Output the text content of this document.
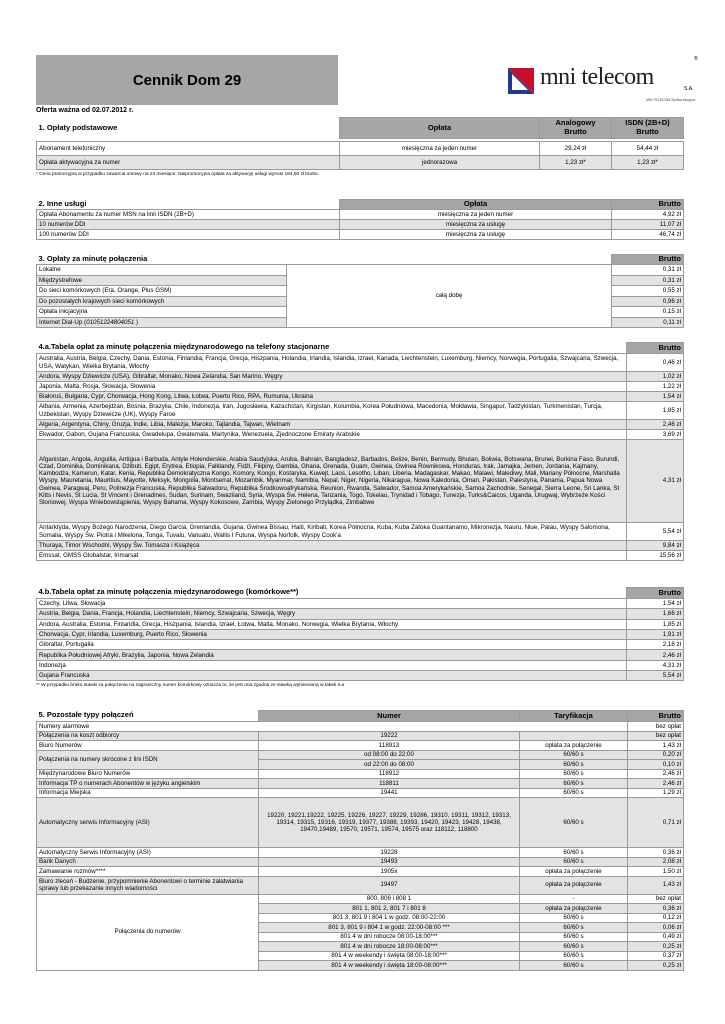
Cennik Dom 29	mni telecom
®
S.A.
MNI TELECOM Spółka Akcyjna
Oferta ważna od 02.07.2012 r.
1. Opłaty podstawowe	Opłata	Analogowy
Brutto	ISDN (2B+D)
Brutto

Abonament telefoniczny	miesięczna za jeden numer	29,24 zł	54,44 zł
Opłata aktywacyjna za numer	jednorazowa	1,23 zł*	1,23 zł*
* Cena promocyjna w przypadku zawarcia umowy na 24 miesiące. Niepromocyjna opłata za aktywację usługi wynosi 184,50 zł brutto.
2. Inne usługi	Opłata	Brutto
Opłata Abonamentu za numer MSN na linii ISDN (2B+D)	miesięczna za jeden numer	4,92 zł
10 numerów DDI	miesięczna za usługę	11,07 zł
100 numerów DDI	miesięczna za usługę	46,74 zł
3. Opłaty za minutę połączenia		Brutto
Lokalne	całą dobę	0,31 zł
Międzystrefowe		0,31 zł
Do sieci komórkowych (Era, Orange, Plus GSM)		0,55 zł
Do pozostałych krajowych sieci komórkowych		0,96 zł
Opłata inicjacyjna		0,15 zł
Internet Dial-Up (01051224804051 )		0,11 zł
4.a.Tabela opłat za minutę połączenia międzynarodowego na telefony stacjonarne	Brutto
Australia, Austria, Belgia, Czechy, Dania, Estonia, Finlandia, Francja, Grecja, Hiszpania, Holandia, Irlandia, Islandia, Izrael, Kanada, Liechtenstein, Luxemburg, Niemcy, Norwegia, Portugalia, Szwajcaria, Szwecja, USA, Watykan, Wielka Brytania, Włochy	0,46 zł
Andora, Wyspy Dziewicze (USA), Gibraltar, Monako, Nowa Zelandia, San Marino, Węgry	1,02 zł
Japonia, Malta, Rosja, Słowacja, Słowenia	1,22 zł
Białoruś, Bułgaria, Cypr, Chorwacja, Hong Kong, Litwa, Łotwa, Puerto Rico, RPA, Rumunia, Ukraina	1,54 zł
Albania, Armenia, Azerbejdżan, Bośnia, Brazylia, Chile, Indonezja, Iran, Jugosławia, Kazachstan, Kirgistan, Kolumbia, Korea Południowa, Macedonia, Mołdawia, Singapur, Tadżykistan, Turkmenistan, Turcja, Uzbekistan, Wyspy Dziewicze (UK), Wyspy Faroe	1,85 zł
Algeria, Argentyna, Chiny, Gruzja, Indie, Libia, Malezja, Maroko, Tajlandia, Tajwan, Wietnam	2,46 zł
Ekwador, Gabon, Gujana Francuska, Gwadelupa, Gwatemala, Martynika, Wenezuela, Zjednoczone Emiraty Arabskie	3,69 zł
Afganistan, Angola, Anguilla, Antigua i Barbuda, Antyle Holenderskie, Arabia Saudyjska, Aruba, Bahrain, Bangladesz, Barbados, Belize, Benin, Bermudy, Bhutan, Boliwia, Botswana, Brunei, Burkina Faso, Burundi, Czad, Dominika, Dominikana, Dżibuti, Egipt, Erytrea, Etiopia, Falklandy, Fidżi, Filipiny, Gambia, Ghana, Grenada, Guam, Gwinea, Gwinea Równikowa, Honduras, Irak, Jamajka, Jemen, Jordania, Kajmany, Kambodża, Kamerun, Katar, Kenia, Republika Demokratyczna Kongo, Komory, Kongo, Kostaryka, Kuwejt, Laos, Lesotho, Liban, Liberia, Madagaskar, Makao, Malawi, Malediwy, Mali, Mariany Północne, Marshalla Wyspy, Mauretania, Mauritius, Mayotte, Meksyk, Mongolia, Montserrat, Mozambik, Myanmar, Namibia, Nepal, Niger, Nigeria, Nikaragua, Nowa Kaledonia, Oman, Pakistan, Palestyna, Panama, Papua Nowa Gwinea, Paragwaj, Peru, Polinezja Francuska, Republika Salwadoru, Republika Środkowoafrykańska, Reunion, Rwanda, Salwador, Samoa Amerykańskie, Samoa Zachodnie, Senegal, Sierra Leone, Sri Lanka, St Kitts i Nevis, St Lucia, St Vincent i Grenadines, Sudan, Surinam, Swaziland, Syria, Wyspa Św. Helena, Tanzania, Togo, Tokelau, Trynidad i Tobago, Tunezja, Turks&Caicos, Uganda, Urugwaj, Wybrzeże Kości Słoniowej, Wyspa Wniebowstąpienia, Wyspy Bahama, Wyspy Kokosowe, Zambia, Wyspy Zielonego Przylądka, Zimbabwe	4,31 zł
Antarktyda, Wyspy Bożego Narodzenia, Diego Garcia, Grenlandia, Gujana, Gwinea Bissau, Haiti, Kiribati, Korea Północna, Kuba, Kuba Zatoka Guantanamo, Mikronezja, Nauru, Niue, Palau, Wyspy Salomona, Somalia, Wyspy Św. Piotra i Mikelona, Tonga, Tuvalu, Vanuatu, Wallis I Futuna, Wyspa Norfolk, Wyspy Cook'a	5,54 zł
Thuraya, Timor Wschodni, Wyspy Św. Tomasza i Książęca	9,84 zł
Emssat, GMSS Globalstar, Inmarsat	15,56 zł
4.b.Tabela opłat za minutę połączenia międzynarodowego (komórkowe**)	Brutto
Czechy, Litwa, Słowacja	1,54 zł
Austria, Belgia, Dania, Francja, Holandia, Liechtenstein, Niemcy, Szwajcaria, Szwecja, Węgry	1,66 zł
Andora, Australia, Estonia, Finlandia, Grecja, Hiszpania, Islandia, Izrael, Łotwa, Malta, Monako, Norwegia, Wielka Brytania, Włochy	1,85 zł
Chorwacja, Cypr, Irlandia, Luxemburg, Puerto Rico, Słowenia	1,91 zł
Gibraltar, Portugalia	2,18 zł
Republika Południowej Afryki, Brazylia, Japonia, Nowa Zelandia	2,46 zł
Indonezja	4,31 zł
Gujana Francuska	5,54 zł
** W przypadku braku stawki za połączenia na zagraniczny numer komórkowy oznacza to, że jest ona zgodna ze stawką wymienioną w tabeli 4.a
5. Pozostałe typy połączeń	Numer	Taryfikacja	Brutto
Numery alarmowe			bez opłat
Połączenia na koszt odbiorcy	19222		bez opłat
Biuro Numerów	118913	opłata za połączenie	1,43 zł
Połączenia na numery skrócone z lini ISDN	od 08:00 do 22:00	60/60 s	0,20 zł
	od 22:00 do 08:00	60/60 s	0,10 zł
Międzynarodowe Biuro Numerów	118912	60/60 s	2,46 zł
Informacja TP o numerach Abonentów w języku angielskim	118811	60/60 s	2,46 zł
Informacja Miejska	19441	60/60 s	1,29 zł
Automatyczny serwis Informacyjny (ASI)	19220, 19221,19222, 19225, 19226, 19227, 19229, 19286, 19310, 19311, 19312, 19313, 19314, 19315, 19316, 19319, 19377, 19388, 19393, 19420, 19423, 19428, 19438, 19470,19489, 19570, 19571, 19574, 19575 oraz 118112, 118800	60/60 s	0,71 zł
Automatyczny Serwis Informacyjny (ASI)	19228	60/60 s	0,36 zł
Bank Danych	19493	60/60 s	2,08 zł
Zamawianie rozmów****	1905x	opłata za połączenie	1,50 zł
Biuro zleceń - Budzenie, przypomnienie Abonentowi o terminie załatwiania sprawy lub przekazanie innych wiadomości	19497	opłata za połączenie	1,43 zł
Połączenia do numerów	800, 806 i 808 1	-	bez opłat
	801 1, 801 2, 801 7 i 801 8	opłata za połączenie	0,36 zł
	801 3, 801 9 i 804 1 w godz. 08:00-22:00	60/60 s	0,12 zł
	801 3, 801 9 i 804 1 w godz. 22:00-08:00 ***	60/60 s	0,06 zł
	801 4 w dni robocze 08:00-18:00***	60/60 s	0,49 zł
	801 4 w dni robocze 18:00-08:00***	60/60 s	0,25 zł
	801 4 w weekendy i święta 08:00-18:00***	60/60 s	0,37 zł
	801 4 w weekendy i święta 18:00-08:00***	60/60 s	0,25 zł
